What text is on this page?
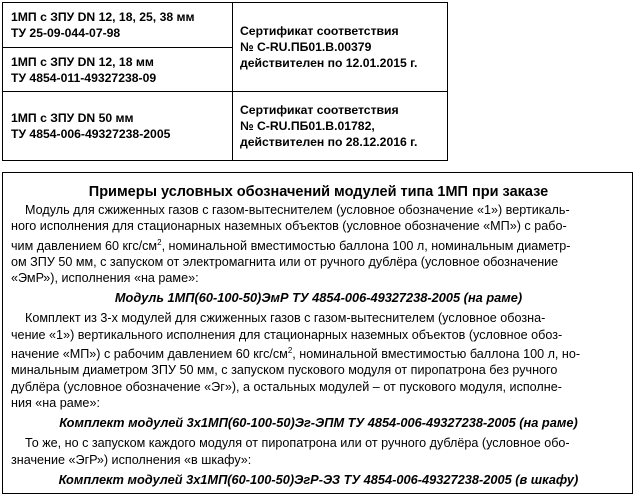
1МП с ЗПУ DN 12, 18, 25, 38 мм
ТУ 25-09-044-07-98	Сертификат соответствия
№ С-RU.ПБ01.В.00379
действителен по 12.01.2015 г.

1МП с ЗПУ DN 12, 18 мм
ТУ 4854-011-49327238-09	

1МП с ЗПУ DN 50 мм
ТУ 4854-006-49327238-2005	Сертификат соответствия
№ С-RU.ПБ01.В.01782,
действителен по 28.12.2016 г.
Примеры условных обозначений модулей типа 1МП при заказе
Модуль для сжиженных газов с газом-вытеснителем (условное обозначение «1») вертикаль-
ного исполнения для стационарных наземных объектов (условное обозначение «МП») с рабо-
чим давлением 60 кгс/$см^2$, номинальной вместимостью баллона 100 л, номинальным диаметр-
ом ЗПУ 50 мм, с запуском от электромагнита или от ручного дублёра (условное обозначение
«ЭмР»), исполнения «на раме»:
Модуль 1МП(60-100-50)ЭмР ТУ 4854-006-49327238-2005 (на раме)
Комплект из 3-х модулей для сжиженных газов с газом-вытеснителем (условное обозна-
чение «1») вертикального исполнения для стационарных наземных объектов (условное обоз-
начение «МП») с рабочим давлением 60 кгс/$см^2$, номинальной вместимостью баллона 100 л, но-
минальным диаметром ЗПУ 50 мм, с запуском пускового модуля от пиропатрона без ручного
дублёра (условное обозначение «Эг»), а остальных модулей – от пускового модуля, исполне-
ния «на раме»:
Комплект модулей 3х1МП(60-100-50)Эг-ЭПМ ТУ 4854-006-49327238-2005 (на раме)
То же, но с запуском каждого модуля от пиропатрона или от ручного дублёра (условное обо-
значение «ЭгР») исполнения «в шкафу»:
Комплект модулей 3х1МП(60-100-50)ЭгР-ЭЗ ТУ 4854-006-49327238-2005 (в шкафу)
